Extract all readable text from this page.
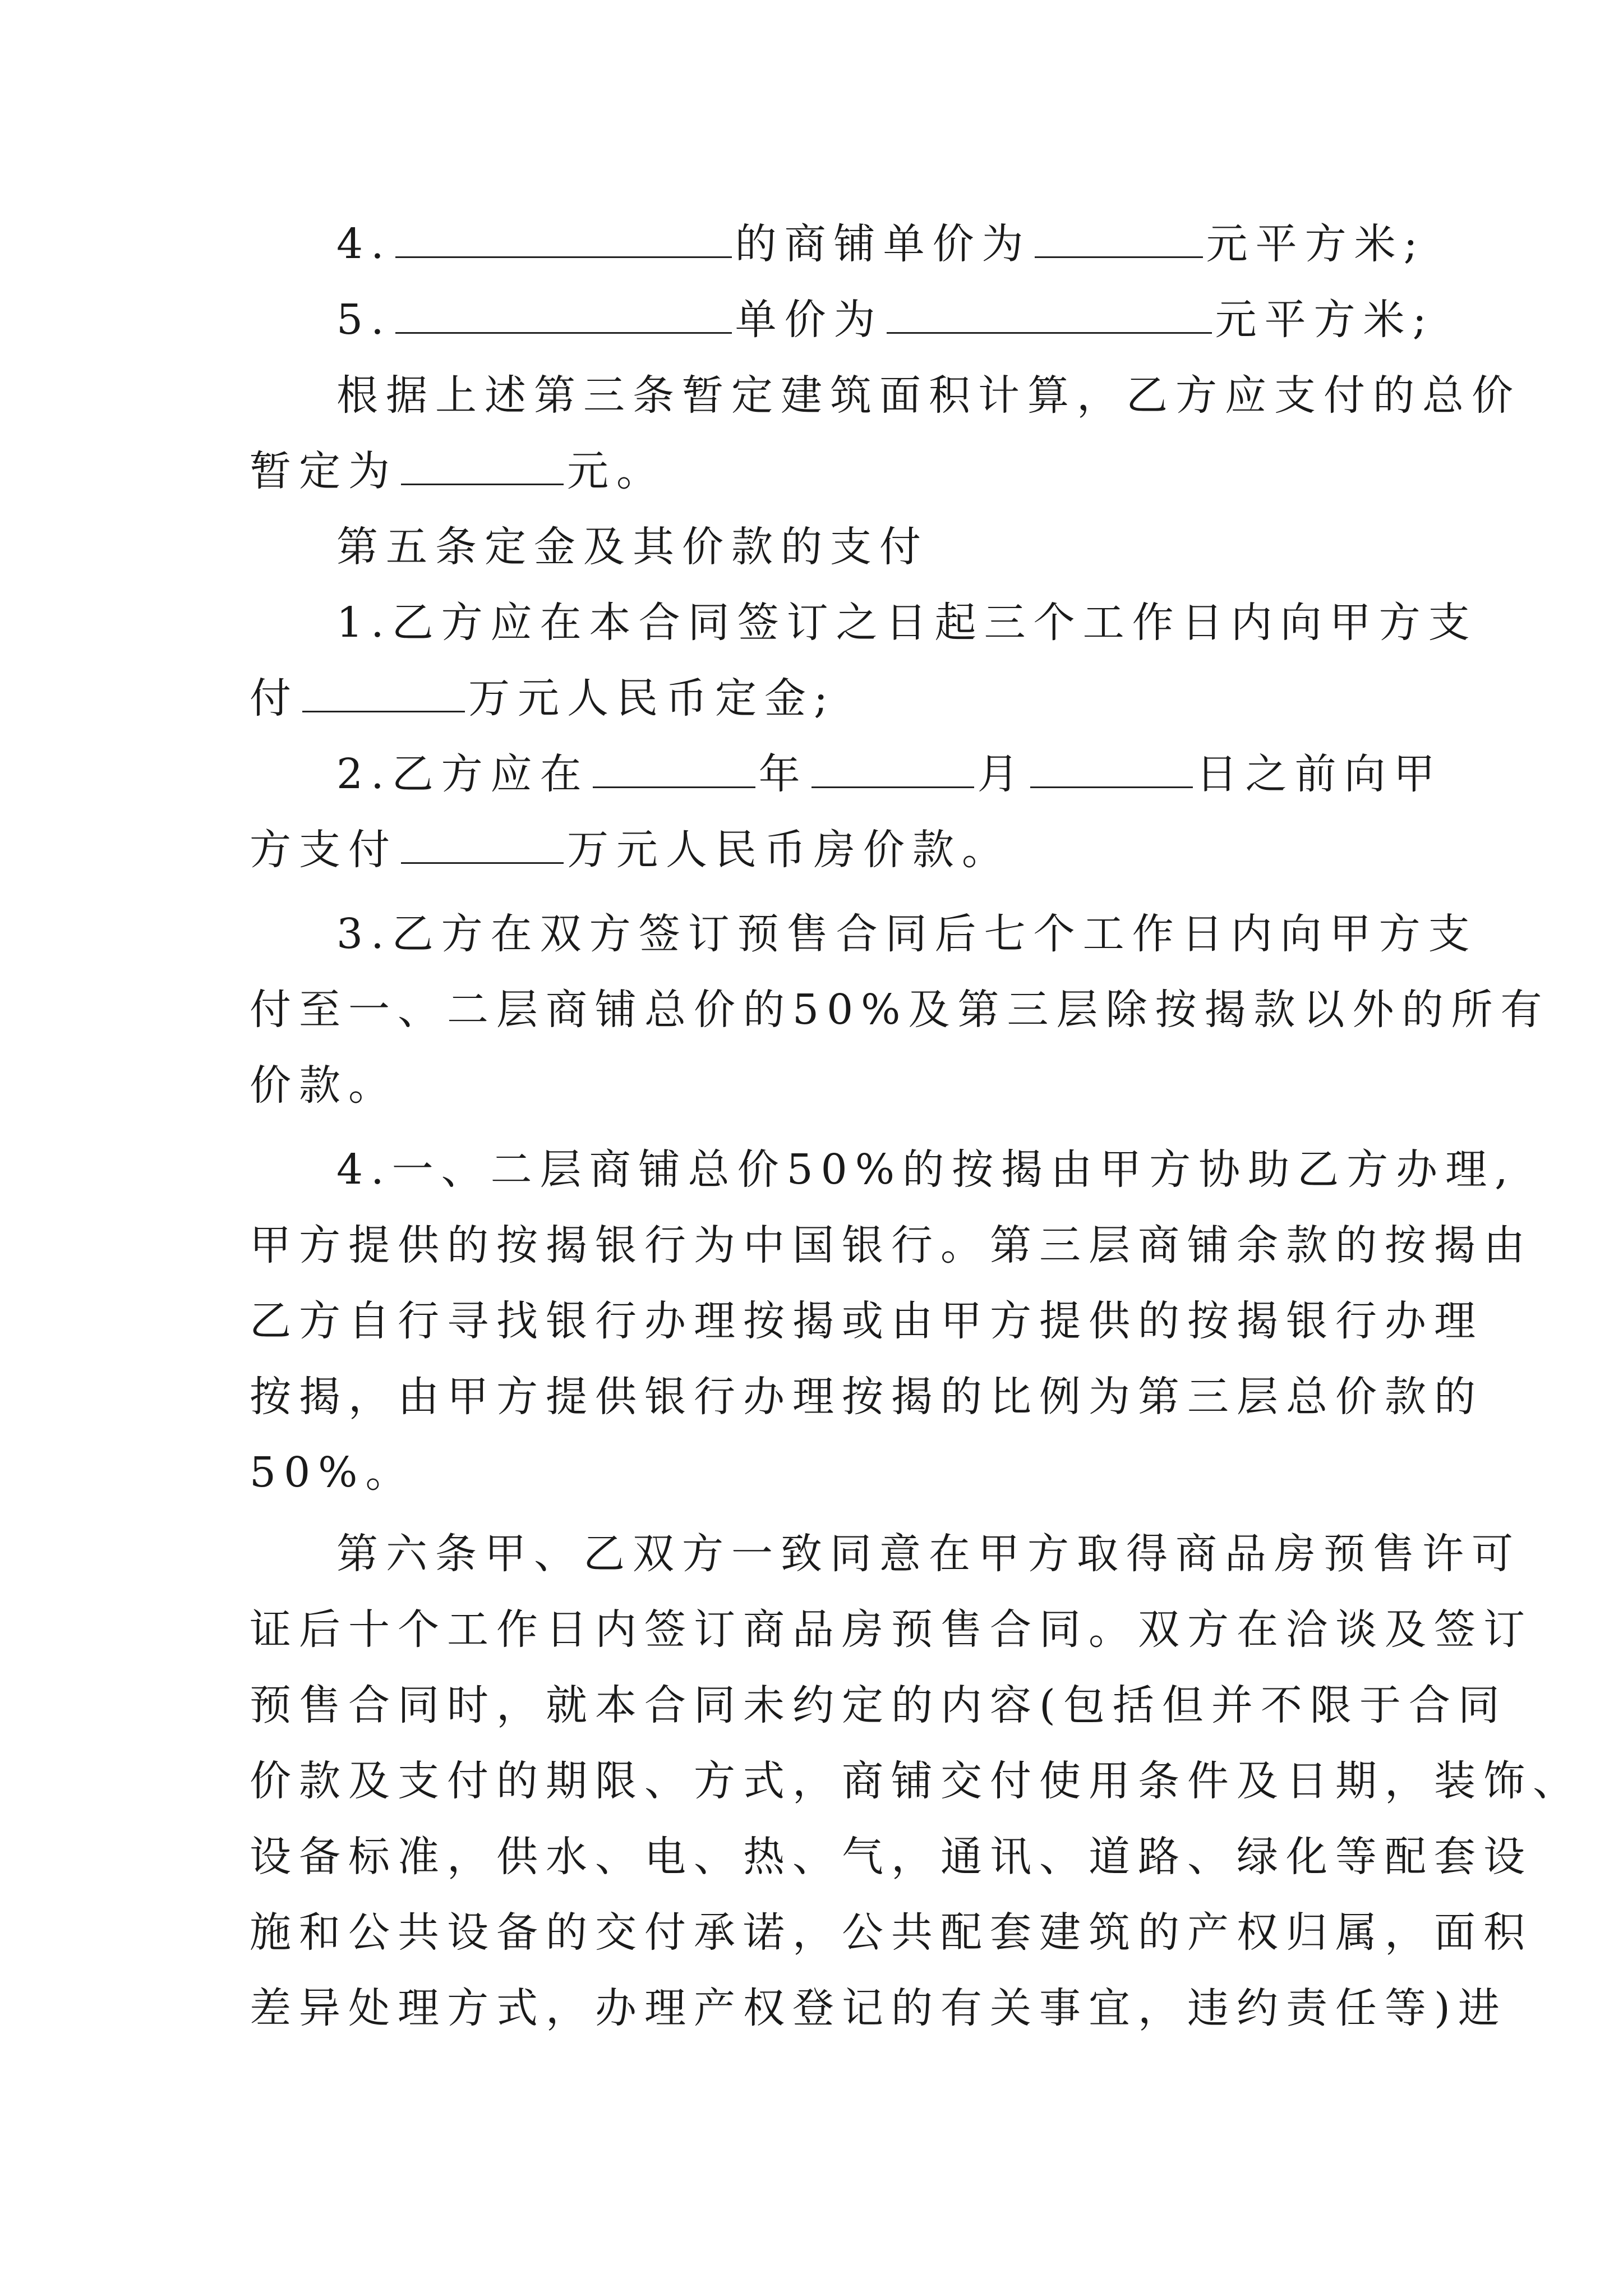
4.	的商铺单价为	元平方米;
5.	单价为	元平方米;
根据上述第三条暂定建筑面积计算，乙方应支付的总价
暂定为	元。
第五条定金及其价款的支付
1.乙方应在本合同签订之日起三个工作日内向甲方支
付	万元人民币定金;
2.乙方应在	年	月	日之前向甲
方支付	万元人民币房价款。
3.乙方在双方签订预售合同后七个工作日内向甲方支
付至一、二层商铺总价的50%及第三层除按揭款以外的所有
价款。
4.一、二层商铺总价50%的按揭由甲方协助乙方办理,
甲方提供的按揭银行为中国银行。第三层商铺余款的按揭由
乙方自行寻找银行办理按揭或由甲方提供的按揭银行办理
按揭，由甲方提供银行办理按揭的比例为第三层总价款的
50%。
第六条甲、乙双方一致同意在甲方取得商品房预售许可
证后十个工作日内签订商品房预售合同。双方在洽谈及签订
预售合同时，就本合同未约定的内容(包括但并不限于合同
价款及支付的期限、方式，商铺交付使用条件及日期，装饰、
设备标准，供水、电、热、气，通讯、道路、绿化等配套设
施和公共设备的交付承诺，公共配套建筑的产权归属，面积
差异处理方式，办理产权登记的有关事宜，违约责任等)进
